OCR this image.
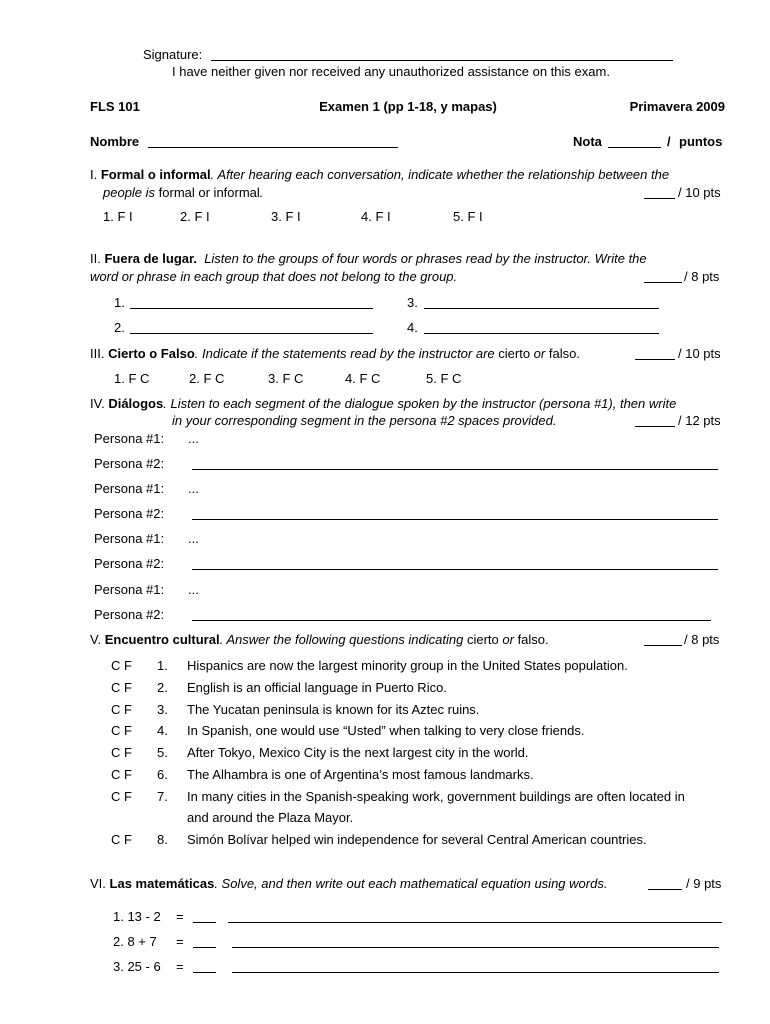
Signature:
I have neither given nor received any unauthorized assistance on this exam.
FLS 101	Examen 1 (pp 1-18, y mapas)	Primavera 2009
Nombre	Nota	/ puntos
I. Formal o informal. After hearing each conversation, indicate whether the relationship between the
people is formal or informal.	/ 10 pts
1. F I	2. F I	3. F I	4. F I	5. F I
II. Fuera de lugar. Listen to the groups of four words or phrases read by the instructor. Write the
word or phrase in each group that does not belong to the group.	/ 8 pts
1.	3.
2.	4.
III. Cierto o Falso. Indicate if the statements read by the instructor are cierto or falso.	/ 10 pts
1. F C	2. F C	3. F C	4. F C	5. F C
IV. Diálogos. Listen to each segment of the dialogue spoken by the instructor (persona #1), then write
in your corresponding segment in the persona #2 spaces provided.	/ 12 pts
Persona #1: ...
Persona #2:
Persona #1: ...
Persona #2:
Persona #1: ...
Persona #2:
Persona #1: ...
Persona #2:
V. Encuentro cultural. Answer the following questions indicating cierto or falso.	/ 8 pts
C F 1. Hispanics are now the largest minority group in the United States population.
C F 2. English is an official language in Puerto Rico.
C F 3. The Yucatan peninsula is known for its Aztec ruins.
C F 4. In Spanish, one would use “Usted” when talking to very close friends.
C F 5. After Tokyo, Mexico City is the next largest city in the world.
C F 6. The Alhambra is one of Argentina’s most famous landmarks.
C F 7. In many cities in the Spanish-speaking work, government buildings are often located in
and around the Plaza Mayor.
C F 8. Simón Bolívar helped win independence for several Central American countries.
VI. Las matemáticas. Solve, and then write out each mathematical equation using words.	/ 9 pts
1. 13 - 2 =
2. 8 + 7 =
3. 25 - 6 =
